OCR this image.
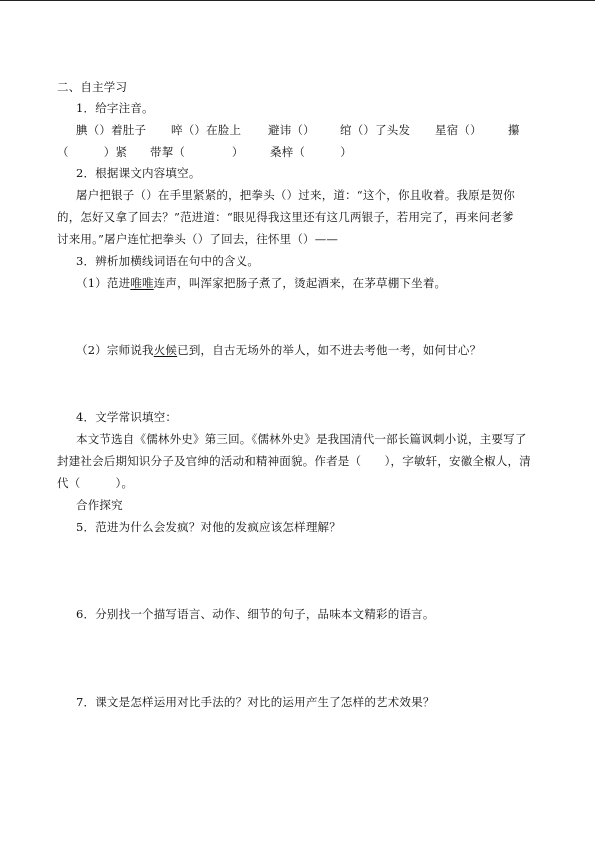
二、自主学习
1．给字注音。
腆（）着肚子 啐（）在脸上 避讳（） 绾（）了头发 星宿（） 攥
（　　　）紧 带挈（　　　　） 桑梓（　　　）
2．根据课文内容填空。
屠户把银子（）在手里紧紧的，把拳头（）过来，道：“这个，你且收着。我原是贺你
的，怎好又拿了回去？”范进道：“眼见得我这里还有这几两银子，若用完了，再来问老爹
讨来用。”屠户连忙把拳头（）了回去，往怀里（）——
3．辨析加横线词语在句中的含义。
（1）范进唯唯连声，叫浑家把肠子煮了，烫起酒来，在茅草棚下坐着。
（2）宗师说我火候已到，自古无场外的举人，如不进去考他一考，如何甘心？
4．文学常识填空：
本文节选自《儒林外史》第三回。《儒林外史》是我国清代一部长篇讽刺小说，主要写了
封建社会后期知识分子及官绅的活动和精神面貌。作者是（　　），字敏轩，安徽全椒人，清
代（　　　）。
合作探究
5．范进为什么会发疯？对他的发疯应该怎样理解？
6．分别找一个描写语言、动作、细节的句子，品味本文精彩的语言。
7．课文是怎样运用对比手法的？对比的运用产生了怎样的艺术效果？
